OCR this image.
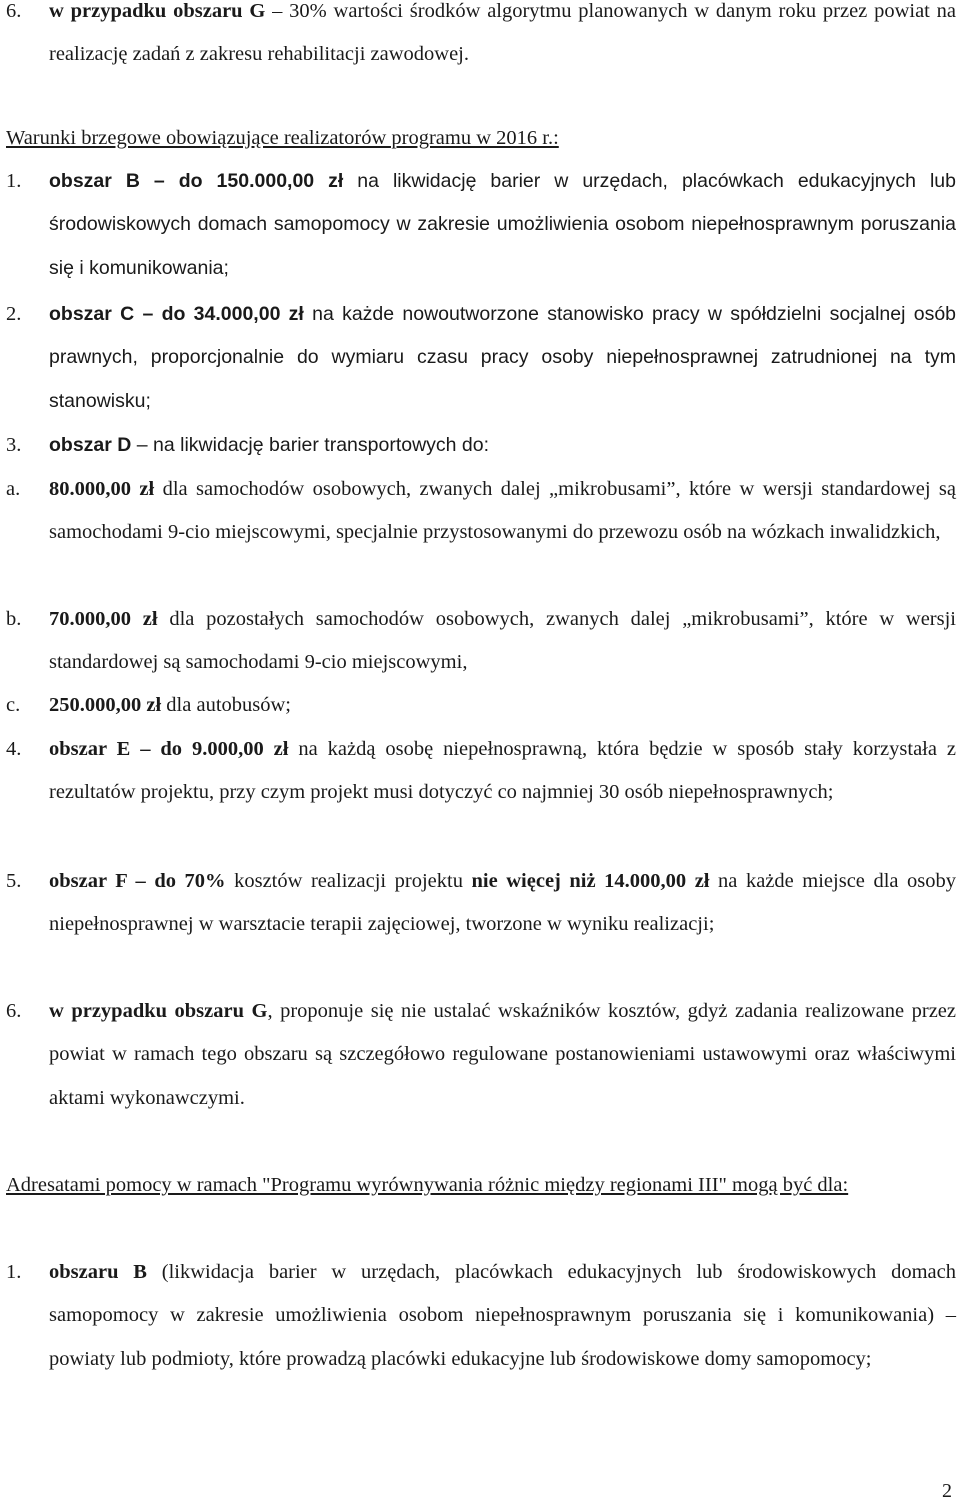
6. w przypadku obszaru G – 30% wartości środków algorytmu planowanych w danym roku przez powiat na realizację zadań z zakresu rehabilitacji zawodowej.
Warunki brzegowe obowiązujące realizatorów programu w 2016 r.:
1. obszar B – do 150.000,00 zł na likwidację barier w urzędach, placówkach edukacyjnych lub środowiskowych domach samopomocy w zakresie umożliwienia osobom niepełnosprawnym poruszania się i komunikowania;
2. obszar C – do 34.000,00 zł na każde nowoutworzone stanowisko pracy w spółdzielni socjalnej osób prawnych, proporcjonalnie do wymiaru czasu pracy osoby niepełnosprawnej zatrudnionej na tym stanowisku;
3. obszar D – na likwidację barier transportowych do:
a. 80.000,00 zł dla samochodów osobowych, zwanych dalej „mikrobusami”, które w wersji standardowej są samochodami 9-cio miejscowymi, specjalnie przystosowanymi do przewozu osób na wózkach inwalidzkich,
b. 70.000,00 zł dla pozostałych samochodów osobowych, zwanych dalej „mikrobusami”, które w wersji standardowej są samochodami 9-cio miejscowymi,
c. 250.000,00 zł dla autobusów;
4. obszar E – do 9.000,00 zł na każdą osobę niepełnosprawną, która będzie w sposób stały korzystała z rezultatów projektu, przy czym projekt musi dotyczyć co najmniej 30 osób niepełnosprawnych;
5. obszar F – do 70% kosztów realizacji projektu nie więcej niż 14.000,00 zł na każde miejsce dla osoby niepełnosprawnej w warsztacie terapii zajęciowej, tworzone w wyniku realizacji;
6. w przypadku obszaru G, proponuje się nie ustalać wskaźników kosztów, gdyż zadania realizowane przez powiat w ramach tego obszaru są szczegółowo regulowane postanowieniami ustawowymi oraz właściwymi aktami wykonawczymi.
Adresatami pomocy w ramach "Programu wyrównywania różnic między regionami III" mogą być dla:
1. obszaru B (likwidacja barier w urzędach, placówkach edukacyjnych lub środowiskowych domach samopomocy w zakresie umożliwienia osobom niepełnosprawnym poruszania się i komunikowania) – powiaty lub podmioty, które prowadzą placówki edukacyjne lub środowiskowe domy samopomocy;
2
